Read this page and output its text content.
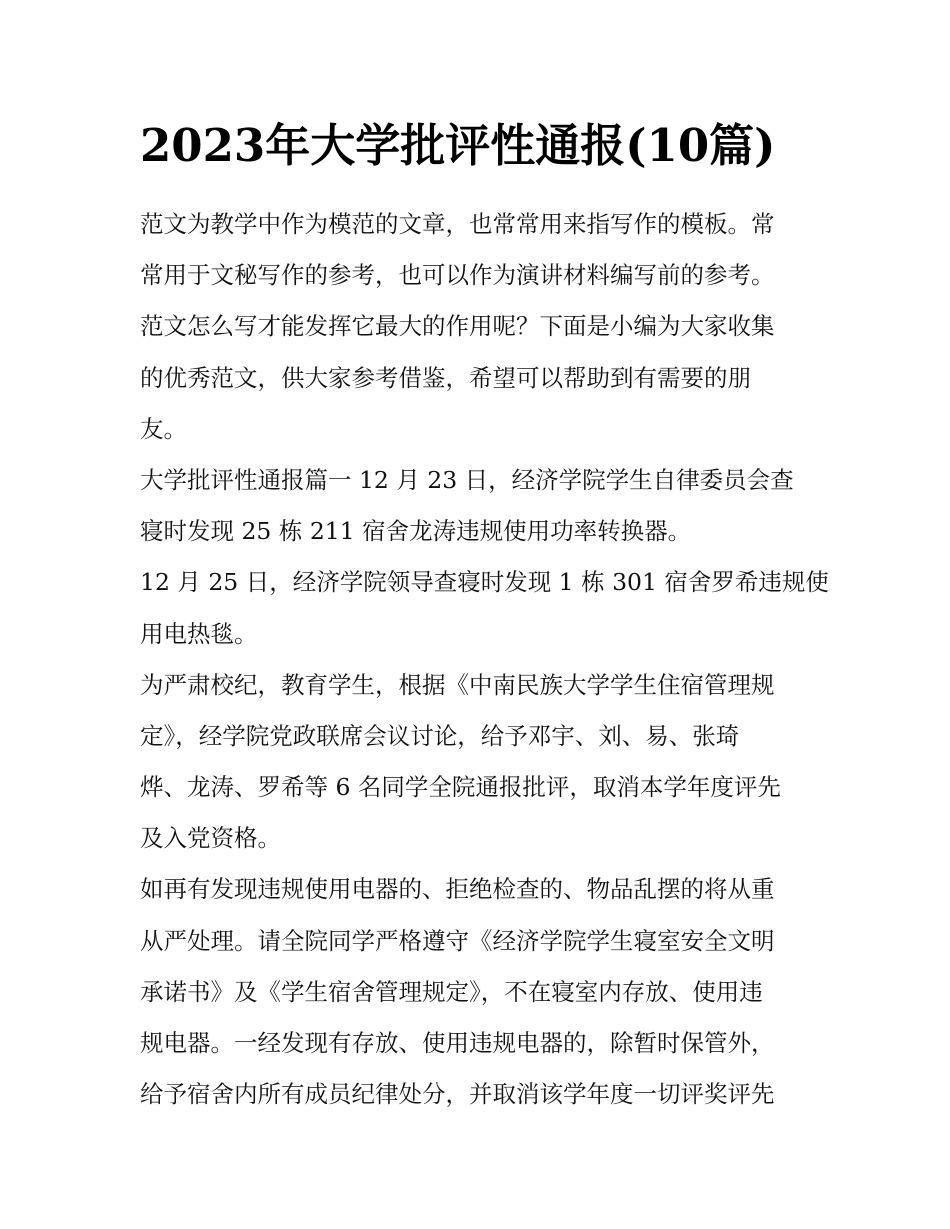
2023年大学批评性通报(10篇)
范文为教学中作为模范的文章，也常常用来指写作的模板。常
常用于文秘写作的参考，也可以作为演讲材料编写前的参考。
范文怎么写才能发挥它最大的作用呢？下面是小编为大家收集
的优秀范文，供大家参考借鉴，希望可以帮助到有需要的朋
友。
大学批评性通报篇一 12 月 23 日，经济学院学生自律委员会查
寝时发现 25 栋 211 宿舍龙涛违规使用功率转换器。
12 月 25 日，经济学院领导查寝时发现 1 栋 301 宿舍罗希违规使
用电热毯。
为严肃校纪，教育学生，根据《中南民族大学学生住宿管理规
定》，经学院党政联席会议讨论，给予邓宇、刘、易、张琦
烨、龙涛、罗希等 6 名同学全院通报批评，取消本学年度评先
及入党资格。
如再有发现违规使用电器的、拒绝检查的、物品乱摆的将从重
从严处理。请全院同学严格遵守《经济学院学生寝室安全文明
承诺书》及《学生宿舍管理规定》，不在寝室内存放、使用违
规电器。一经发现有存放、使用违规电器的，除暂时保管外，
给予宿舍内所有成员纪律处分，并取消该学年度一切评奖评先
